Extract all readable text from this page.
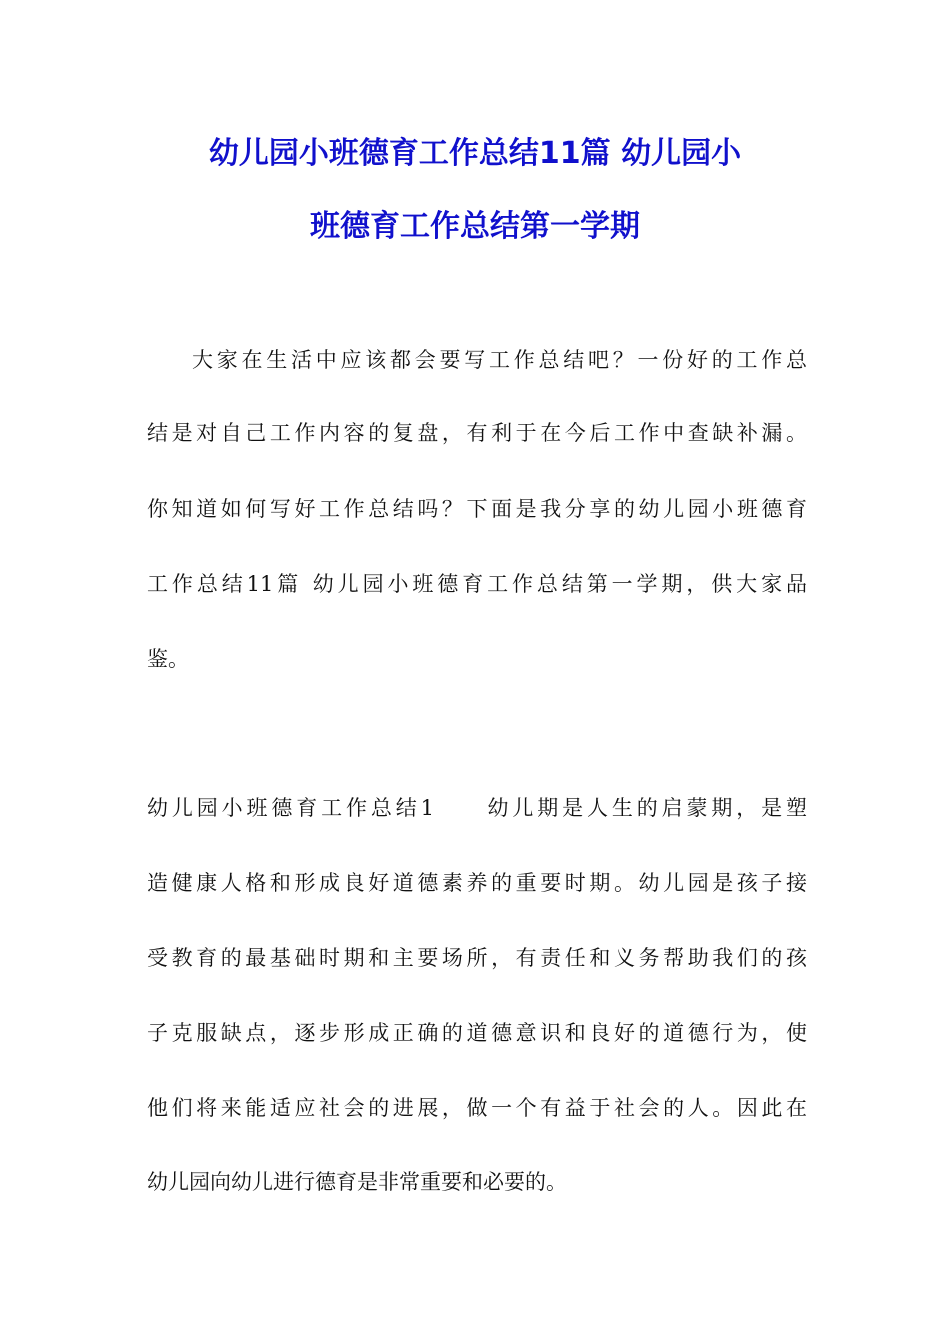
幼儿园小班德育工作总结11篇 幼儿园小
班德育工作总结第一学期
大家在生活中应该都会要写工作总结吧？一份好的工作总
结是对自己工作内容的复盘，有利于在今后工作中查缺补漏。
你知道如何写好工作总结吗？下面是我分享的幼儿园小班德育
工作总结11篇 幼儿园小班德育工作总结第一学期，供大家品
鉴。
幼儿园小班德育工作总结1　　幼儿期是人生的启蒙期，是塑
造健康人格和形成良好道德素养的重要时期。幼儿园是孩子接
受教育的最基础时期和主要场所，有责任和义务帮助我们的孩
子克服缺点，逐步形成正确的道德意识和良好的道德行为，使
他们将来能适应社会的进展，做一个有益于社会的人。因此在
幼儿园向幼儿进行德育是非常重要和必要的。
